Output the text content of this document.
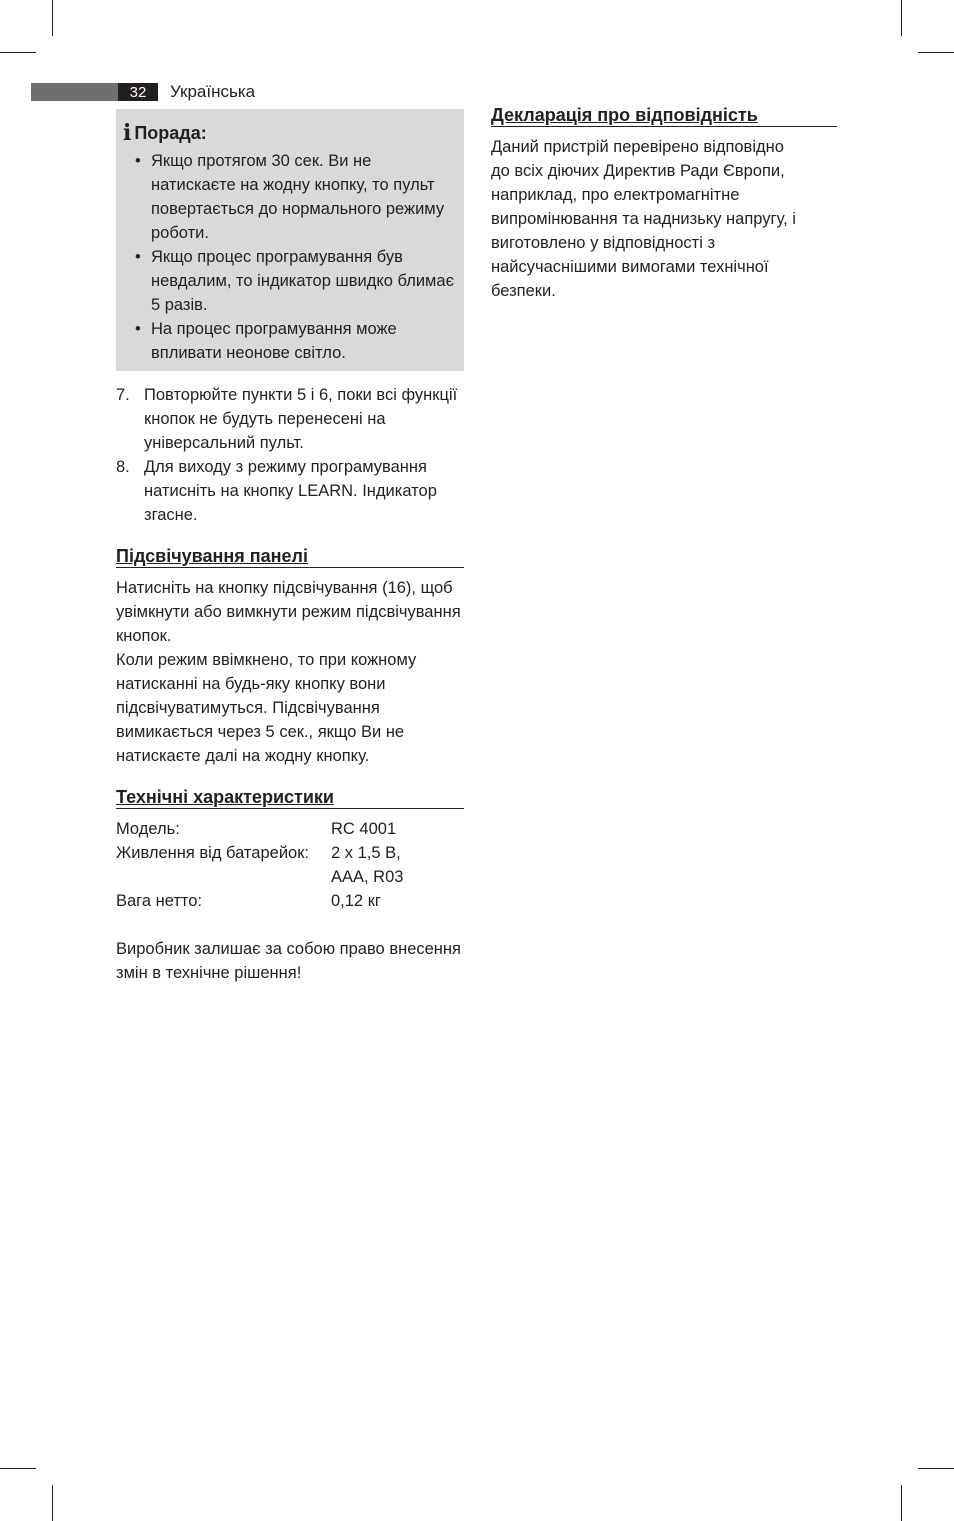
32	Українська
i Порада:
• Якщо протягом 30 сек. Ви не натискаєте на жодну кнопку, то пульт повертається до нормального режиму роботи.
• Якщо процес програмування був невдалим, то індикатор швидко блимає 5 разів.
• На процес програмування може впливати неонове світло.
7. Повторюйте пункти 5 і 6, поки всі функції кнопок не будуть перенесені на універсальний пульт.
8. Для виходу з режиму програмування натисніть на кнопку LEARN. Індикатор згасне.
Підсвічування панелі

Натисніть на кнопку підсвічування (16), щоб увімкнути або вимкнути режим підсвічування кнопок.

Коли режим ввімкнено, то при кожному натисканні на будь-яку кнопку вони підсвічуватимуться. Підсвічування вимикається через 5 сек., якщо Ви не натискаєте далі на жодну кнопку.

Технічні характеристики
Модель:	RC 4001
Живлення від батарейок:	2 x 1,5 В, AAA, R03
Вага нетто:	0,12 кг

Виробник залишає за собою право внесення змін в технічне рішення!

Декларація про відповідність

Даний пристрій перевірено відповідно до всіх діючих Директив Ради Європи, наприклад, про електромагнітне випромінювання та наднизьку напругу, і виготовлено у відповідності з найсучаснішими вимогами технічної безпеки.
